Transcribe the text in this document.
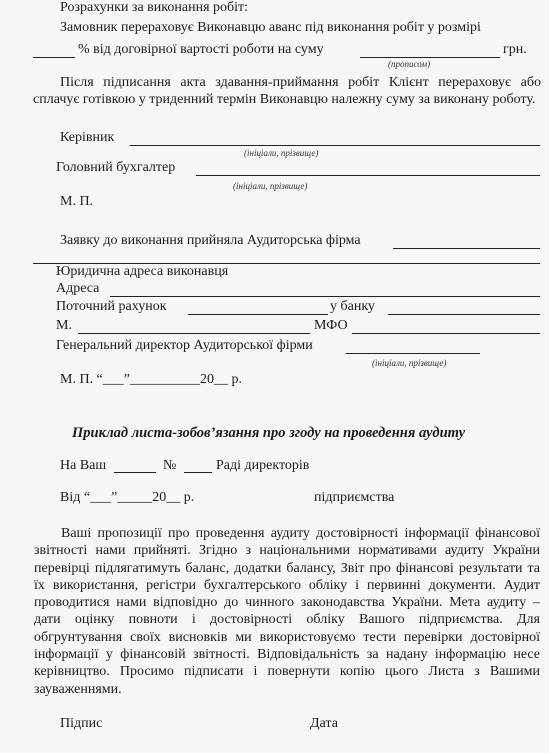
Розрахунки за виконання робіт:
Замовник перераховує Виконавцю аванс під виконання робіт у розмірі
% від договірної вартості роботи на суму	грн.
(прописом)
Після підписання акта здавання-приймання робіт Клієнт перераховує або сплачує готівкою у триденний термін Виконавцю належну суму за виконану роботу.
Керівник
(ініціали, прізвище)
Головний бухгалтер
(ініціали, прізвище)
М. П.
Заявку до виконання прийняла Аудиторська фірма
Юридична адреса виконавця
Адреса
Поточний рахунок	у банку
М.	МФО
Генеральний директор Аудиторської фірми
(ініціали, прізвище)
М. П. “___”__________20__ р.
Приклад листа-зобов’язання про згоду на проведення аудиту
На Ваш	№	Раді директорів
Від “___”_____20__ р.	підприємства
Ваші пропозиції про проведення аудиту достовірності інформації фінансової звітності нами прийняті. Згідно з національними нормативами аудиту України перевірці підлягатимуть баланс, додатки балансу, Звіт про фінансові результати та їх використання, регістри бухгалтерського обліку і первинні документи. Аудит проводитися нами відповідно до чинного законодавства України. Мета аудиту – дати оцінку повноти і достовірності обліку Вашого підприємства. Для обгрунтування своїх висновків ми використовуємо тести перевірки достовірної інформації у фінансовій звітності. Відповідальність за надану інформацію несе керівництво. Просимо підписати і повернути копію цього Листа з Вашими зауваженнями.
Підпис	Дата
